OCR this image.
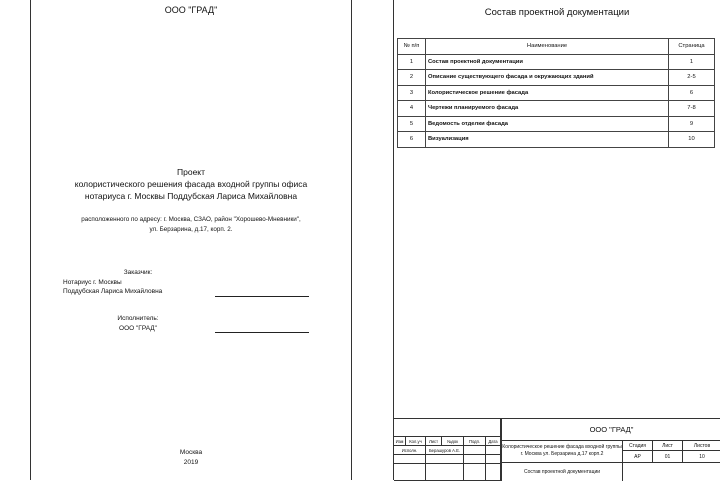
ООО "ГРАД"
Проект
колористического решения фасада входной группы офиса
нотариуса г. Москвы Поддубская Лариса Михайловна
расположенного по адресу: г. Москва, СЗАО, район "Хорошево-Мневники",
ул. Берзарина, д.17, корп. 2.
Заказчик:
Нотариус г. Москвы
Поддубская Лариса Михайловна
Исполнитель:
ООО "ГРАД"
Москва
2019
Состав проектной документации
№ п/п	Наименование	Страница
1	Состав проектной документации	1
2	Описание существующего фасада и окружающих зданий	2-5
3	Колористическое решение фасада	6
4	Чертежи планируемого фасада	7-8
5	Ведомость отделки фасада	9
6	Визуализация	10
Изм	Кол.уч	Лист	№док	Подп.	Дата
Исполн.	Берашуров А.Е.
ООО "ГРАД"
Колористическое решение фасада входной группы г. Москва ул. Берзарина д.17 корп.2
Состав проектной документации
Стадия	Лист	Листов
АР	01	10
